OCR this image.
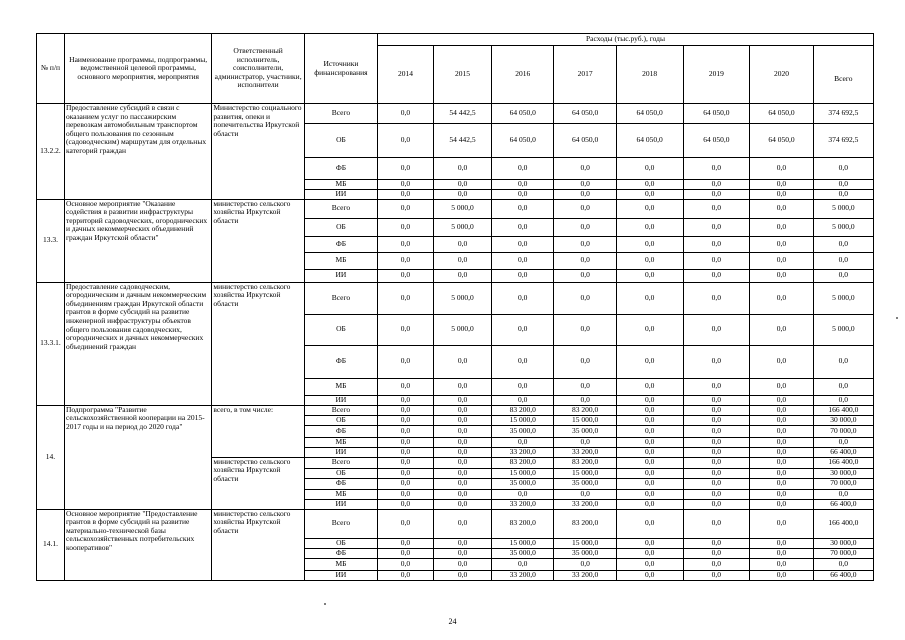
№ п/п	Наименование программы, подпрограммы, ведомственной целевой программы, основного мероприятия, мероприятия	Ответственный исполнитель, соисполнители, администратор, участники, исполнители	Источники финансирования	Расходы (тыс.руб.), годы							
				2014	2015	2016	2017	2018	2019	2020	Всего
13.2.2.	Предоставление субсидий в связи с оказанием услуг по пассажирским перевозкам автомобильным транспортом общего пользования по сезонным (садоводческим) маршрутам для отдельных категорий граждан	Министерство социального развития, опеки и попечительства Иркутской области	Всего	0,0	54 442,5	64 050,0	64 050,0	64 050,0	64 050,0	64 050,0	374 692,5
			ОБ	0,0	54 442,5	64 050,0	64 050,0	64 050,0	64 050,0	64 050,0	374 692,5
			ФБ	0,0	0,0	0,0	0,0	0,0	0,0	0,0	0,0
			МБ	0,0	0,0	0,0	0,0	0,0	0,0	0,0	0,0
			ИИ	0,0	0,0	0,0	0,0	0,0	0,0	0,0	0,0
13.3.	Основное мероприятие "Оказание содействия в развитии инфраструктуры территорий садоводческих, огороднических и дачных некоммерческих объединений граждан Иркутской области"	министерство сельского хозяйства Иркутской области	Всего	0,0	5 000,0	0,0	0,0	0,0	0,0	0,0	5 000,0
			ОБ	0,0	5 000,0	0,0	0,0	0,0	0,0	0,0	5 000,0
			ФБ	0,0	0,0	0,0	0,0	0,0	0,0	0,0	0,0
			МБ	0,0	0,0	0,0	0,0	0,0	0,0	0,0	0,0
			ИИ	0,0	0,0	0,0	0,0	0,0	0,0	0,0	0,0
13.3.1.	Предоставление садоводческим, огородническим и дачным некоммерческим объединениям граждан Иркутской области грантов в форме субсидий на развитие инженерной инфраструктуры объектов общего пользования садоводческих, огороднических и дачных некоммерческих объединений граждан	министерство сельского хозяйства Иркутской области	Всего	0,0	5 000,0	0,0	0,0	0,0	0,0	0,0	5 000,0
			ОБ	0,0	5 000,0	0,0	0,0	0,0	0,0	0,0	5 000,0
			ФБ	0,0	0,0	0,0	0,0	0,0	0,0	0,0	0,0
			МБ	0,0	0,0	0,0	0,0	0,0	0,0	0,0	0,0
			ИИ	0,0	0,0	0,0	0,0	0,0	0,0	0,0	0,0
14.	Подпрограмма "Развитие сельскохозяйственной кооперации на 2015-2017 годы и на период до 2020 года"	всего, в том числе:	Всего	0,0	0,0	83 200,0	83 200,0	0,0	0,0	0,0	166 400,0
			ОБ	0,0	0,0	15 000,0	15 000,0	0,0	0,0	0,0	30 000,0
			ФБ	0,0	0,0	35 000,0	35 000,0	0,0	0,0	0,0	70 000,0
			МБ	0,0	0,0	0,0	0,0	0,0	0,0	0,0	0,0
			ИИ	0,0	0,0	33 200,0	33 200,0	0,0	0,0	0,0	66 400,0
		министерство сельского хозяйства Иркутской области	Всего	0,0	0,0	83 200,0	83 200,0	0,0	0,0	0,0	166 400,0
			ОБ	0,0	0,0	15 000,0	15 000,0	0,0	0,0	0,0	30 000,0
			ФБ	0,0	0,0	35 000,0	35 000,0	0,0	0,0	0,0	70 000,0
			МБ	0,0	0,0	0,0	0,0	0,0	0,0	0,0	0,0
			ИИ	0,0	0,0	33 200,0	33 200,0	0,0	0,0	0,0	66 400,0
14.1.	Основное мероприятие "Предоставление грантов в форме субсидий на развитие материально-технической базы сельскохозяйственных потребительских кооперативов"	министерство сельского хозяйства Иркутской области	Всего	0,0	0,0	83 200,0	83 200,0	0,0	0,0	0,0	166 400,0
			ОБ	0,0	0,0	15 000,0	15 000,0	0,0	0,0	0,0	30 000,0
			ФБ	0,0	0,0	35 000,0	35 000,0	0,0	0,0	0,0	70 000,0
			МБ	0,0	0,0	0,0	0,0	0,0	0,0	0,0	0,0
			ИИ	0,0	0,0	33 200,0	33 200,0	0,0	0,0	0,0	66 400,0
24
